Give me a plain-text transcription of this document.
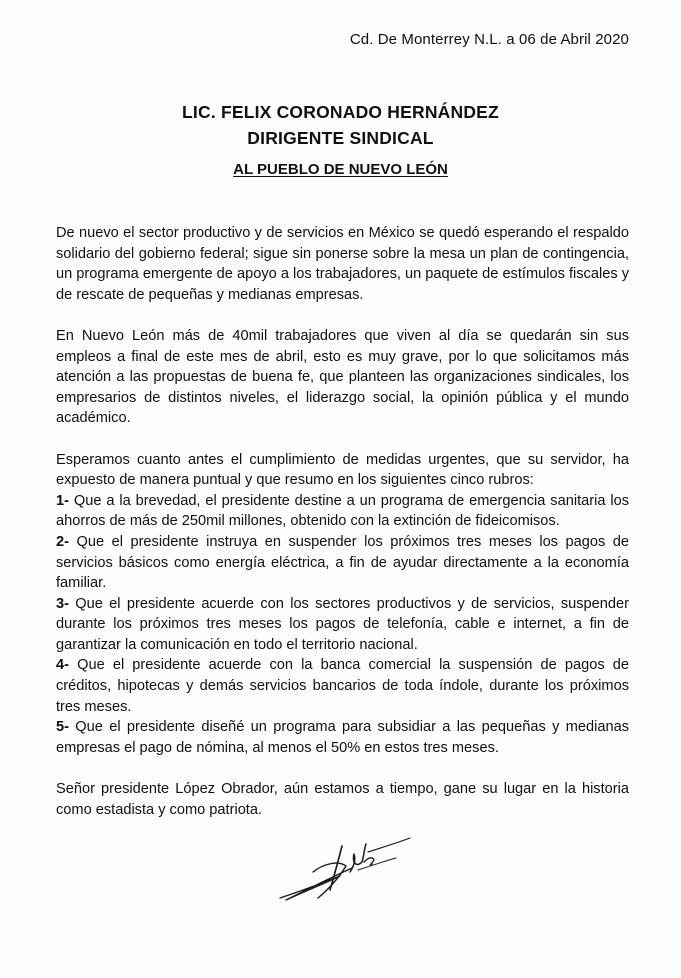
Cd. De Monterrey N.L. a 06 de Abril 2020
LIC. FELIX CORONADO HERNÁNDEZ
DIRIGENTE SINDICAL
AL PUEBLO DE NUEVO LEÓN

De nuevo el sector productivo y de servicios en México se quedó esperando el respaldo solidario del gobierno federal; sigue sin ponerse sobre la mesa un plan de contingencia, un programa emergente de apoyo a los trabajadores, un paquete de estímulos fiscales y de rescate de pequeñas y medianas empresas.

En Nuevo León más de 40mil trabajadores que viven al día se quedarán sin sus empleos a final de este mes de abril, esto es muy grave, por lo que solicitamos más atención a las propuestas de buena fe, que planteen las organizaciones sindicales, los empresarios de distintos niveles, el liderazgo social, la opinión pública y el mundo académico.

Esperamos cuanto antes el cumplimiento de medidas urgentes, que su servidor, ha expuesto de manera puntual y que resumo en los siguientes cinco rubros:

1- Que a la brevedad, el presidente destine a un programa de emergencia sanitaria los ahorros de más de 250mil millones, obtenido con la extinción de fideicomisos.

2- Que el presidente instruya en suspender los próximos tres meses los pagos de servicios básicos como energía eléctrica, a fin de ayudar directamente a la economía familiar.

3- Que el presidente acuerde con los sectores productivos y de servicios, suspender durante los próximos tres meses los pagos de telefonía, cable e internet, a fin de garantizar la comunicación en todo el territorio nacional.

4- Que el presidente acuerde con la banca comercial la suspensión de pagos de créditos, hipotecas y demás servicios bancarios de toda índole, durante los próximos tres meses.

5- Que el presidente diseñé un programa para subsidiar a las pequeñas y medianas empresas el pago de nómina, al menos el 50% en estos tres meses.

Señor presidente López Obrador, aún estamos a tiempo, gane su lugar en la historia como estadista y como patriota.
